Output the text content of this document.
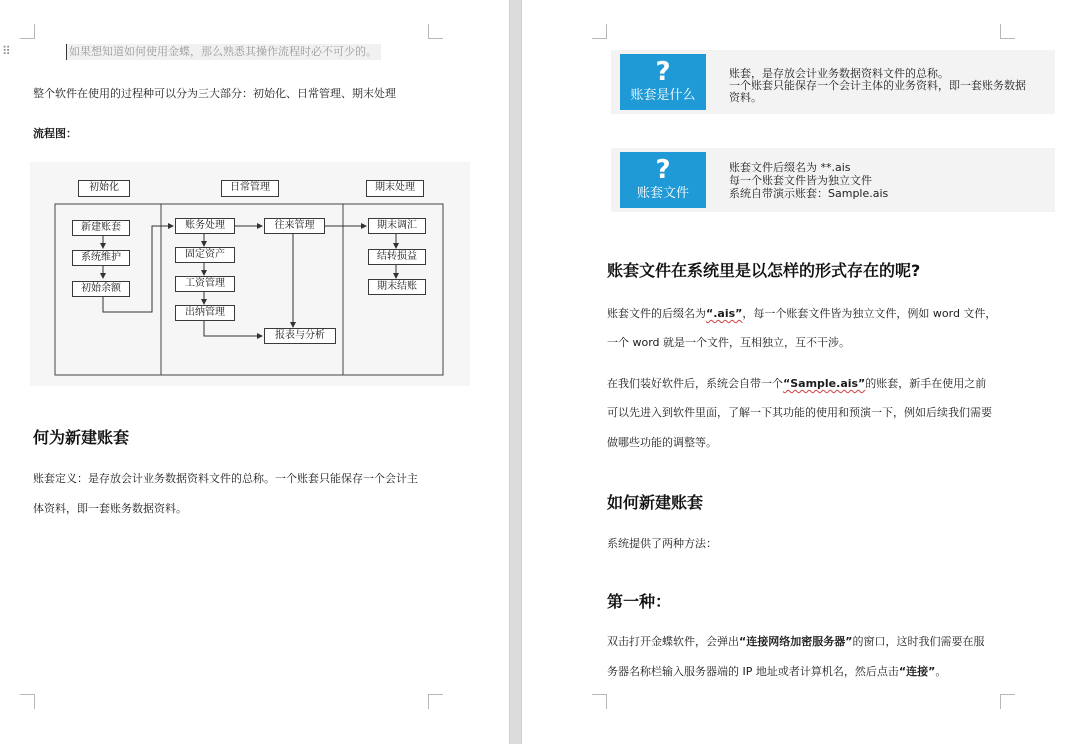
⠿	如果想知道如何使用金蝶，那么熟悉其操作流程时必不可少的。
整个软件在使用的过程种可以分为三大部分：初始化、日常管理、期末处理
流程图：
初始化	日常管理	期末处理
新建账套
系统维护
初始余额
账务处理
固定资产
工资管理
出纳管理
往来管理
报表与分析
期末调汇
结转损益
期末结账
何为新建账套
账套定义：是存放会计业务数据资料文件的总称。一个账套只能保存一个会计主
体资料，即一套账务数据资料。
?
账套是什么
账套，是存放会计业务数据资料文件的总称。
一个账套只能保存一个会计主体的业务资料，即一套账务数据
资料。
?
账套文件
账套文件后缀名为 **.ais
每一个账套文件皆为独立文件
系统自带演示账套：Sample.ais
账套文件在系统里是以怎样的形式存在的呢?
账套文件的后缀名为“.ais”，每一个账套文件皆为独立文件，例如 word 文件，
一个 word 就是一个文件，互相独立，互不干涉。
在我们装好软件后，系统会自带一个“Sample.ais”的账套，新手在使用之前
可以先进入到软件里面，了解一下其功能的使用和预演一下，例如后续我们需要
做哪些功能的调整等。
如何新建账套
系统提供了两种方法：
第一种：
双击打开金蝶软件，会弹出“连接网络加密服务器”的窗口，这时我们需要在服
务器名称栏输入服务器端的 IP 地址或者计算机名，然后点击“连接”。
